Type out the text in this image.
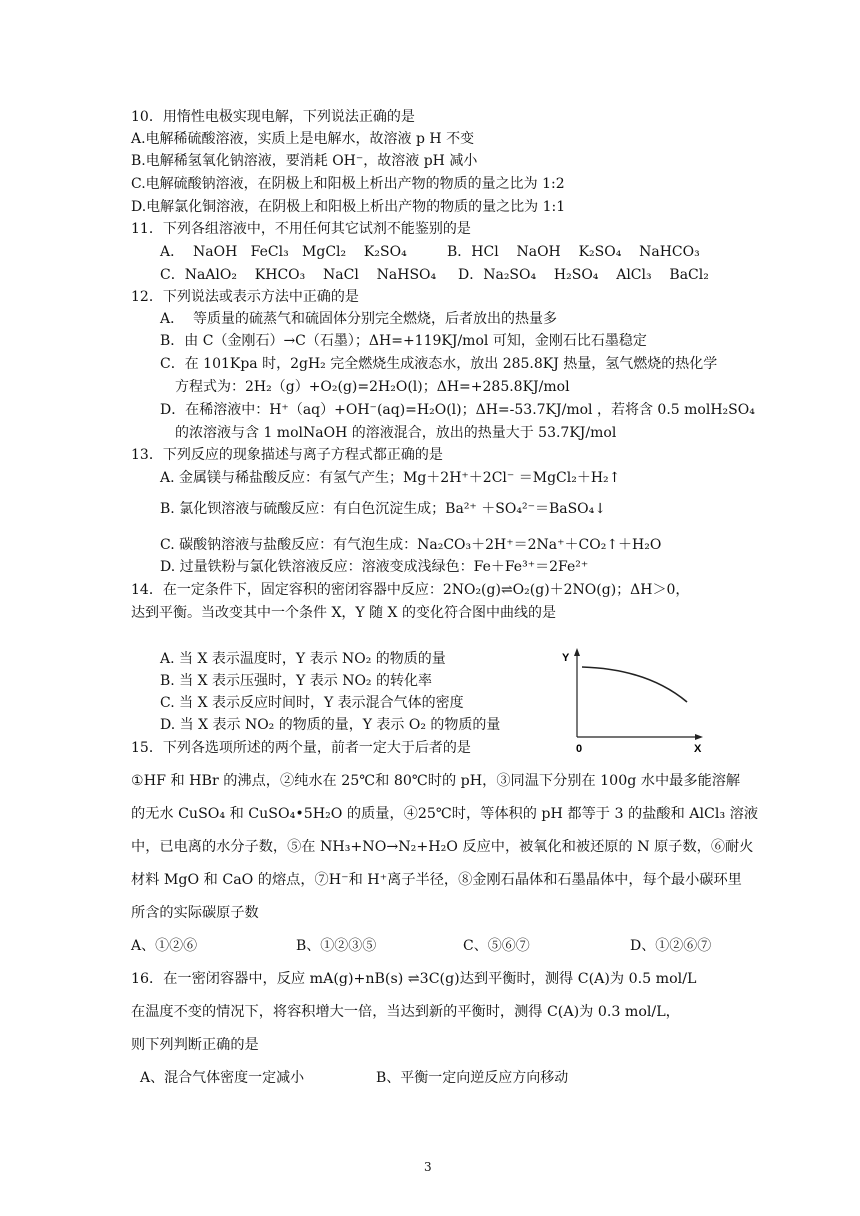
10．用惰性电极实现电解，下列说法正确的是
A.电解稀硫酸溶液，实质上是电解水，故溶液 p H 不变
B.电解稀氢氧化钠溶液，要消耗 OH⁻，故溶液 pH 减小
C.电解硫酸钠溶液，在阴极上和阳极上析出产物的物质的量之比为 1:2
D.电解氯化铜溶液，在阴极上和阳极上析出产物的物质的量之比为 1:1
11．下列各组溶液中，不用任何其它试剂不能鉴别的是
A．  NaOH   FeCl₃   MgCl₂    K₂SO₄	B．HCl    NaOH    K₂SO₄    NaHCO₃
C．NaAlO₂    KHCO₃    NaCl    NaHSO₄ D．Na₂SO₄    H₂SO₄    AlCl₃    BaCl₂
12．下列说法或表示方法中正确的是
A．  等质量的硫蒸气和硫固体分别完全燃烧，后者放出的热量多
B．由 C（金刚石）→C（石墨）；ΔH=+119KJ/mol 可知，金刚石比石墨稳定
C．在 101Kpa 时，2gH₂ 完全燃烧生成液态水，放出 285.8KJ 热量，氢气燃烧的热化学
方程式为：2H₂（g）+O₂(g)=2H₂O(l)；ΔH=+285.8KJ/mol
D．在稀溶液中：H⁺（aq）+OH⁻(aq)=H₂O(l)；ΔH=-53.7KJ/mol ，若将含 0.5 molH₂SO₄
的浓溶液与含 1 molNaOH 的溶液混合，放出的热量大于 53.7KJ/mol
13．下列反应的现象描述与离子方程式都正确的是
A. 金属镁与稀盐酸反应：有氢气产生；Mg＋2H⁺＋2Cl⁻ ＝MgCl₂＋H₂↑
B. 氯化钡溶液与硫酸反应：有白色沉淀生成；Ba²⁺ ＋SO₄²⁻＝BaSO₄↓
C. 碳酸钠溶液与盐酸反应：有气泡生成：Na₂CO₃＋2H⁺＝2Na⁺＋CO₂↑＋H₂O
D. 过量铁粉与氯化铁溶液反应：溶液变成浅绿色：Fe＋Fe³⁺＝2Fe²⁺
14．在一定条件下，固定容积的密闭容器中反应：2NO₂(g)⇌O₂(g)＋2NO(g)；ΔH＞0，
达到平衡。当改变其中一个条件 X，Y 随 X 的变化符合图中曲线的是
A. 当 X 表示温度时，Y 表示 NO₂ 的物质的量
B. 当 X 表示压强时，Y 表示 NO₂ 的转化率
C. 当 X 表示反应时间时，Y 表示混合气体的密度
D. 当 X 表示 NO₂ 的物质的量，Y 表示 O₂ 的物质的量
Y
0	X
15．下列各选项所述的两个量，前者一定大于后者的是
①HF 和 HBr 的沸点，②纯水在 25℃和 80℃时的 pH，③同温下分别在 100g 水中最多能溶解
的无水 CuSO₄ 和 CuSO₄•5H₂O 的质量，④25℃时，等体积的 pH 都等于 3 的盐酸和 AlCl₃ 溶液
中，已电离的水分子数，⑤在 NH₃+NO→N₂+H₂O 反应中，被氧化和被还原的 N 原子数，⑥耐火
材料 MgO 和 CaO 的熔点，⑦H⁻和 H⁺离子半径，⑧金刚石晶体和石墨晶体中，每个最小碳环里
所含的实际碳原子数
A、①②⑥	B、①②③⑤	C、⑤⑥⑦	D、①②⑥⑦
16．在一密闭容器中，反应 mA(g)+nB(s) ⇌3C(g)达到平衡时，测得 C(A)为 0.5 mol/L
在温度不变的情况下，将容积增大一倍，当达到新的平衡时，测得 C(A)为 0.3 mol/L，
则下列判断正确的是
A、混合气体密度一定减小	B、平衡一定向逆反应方向移动
3
